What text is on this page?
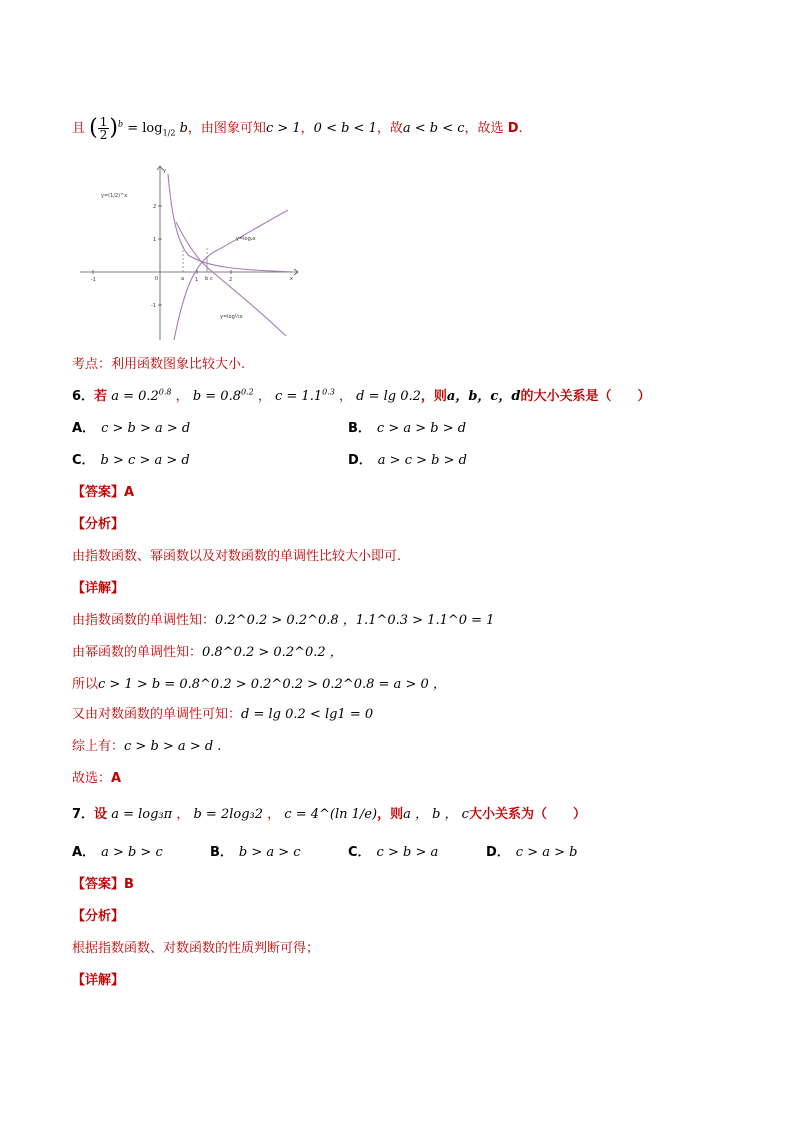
且 ( $\frac{1}{2} )^b = \log_{1/2} b$，由图象可知c > 1，0 < b < 1，故a < b < c，故选 D.
y=(1/2)^x
y=log₂x
y=log½x
-1	1	2
2
1
-1
x
y
0	a	b c
考点：利用函数图象比较大小.
6．若 $a = 0.2^{0.8}$ ， $b = 0.8^{0.2}$ ， $c = 1.1^{0.3}$ ， d = lg 0.2，则a，b，c，d的大小关系是（　　）
A． c > b > a > d	B． c > a > b > d
C． b > c > a > d	D． a > c > b > d
【答案】A
【分析】
由指数函数、幂函数以及对数函数的单调性比较大小即可.
【详解】
由指数函数的单调性知：0.2^0.2 > 0.2^0.8 ，1.1^0.3 > 1.1^0 = 1
由幂函数的单调性知：0.8^0.2 > 0.2^0.2 ，
所以c > 1 > b = 0.8^0.2 > 0.2^0.2 > 0.2^0.8 = a > 0 ，
又由对数函数的单调性可知：d = lg 0.2 < lg1 = 0
综上有：c > b > a > d .
故选：A
7．设 a = log₃π ， b = 2log₃2 ， c = 4^(ln 1/e)，则a ， b ， c大小关系为（　　）
A． a > b > c	B． b > a > c	C． c > b > a	D． c > a > b
【答案】B
【分析】
根据指数函数、对数函数的性质判断可得；
【详解】
